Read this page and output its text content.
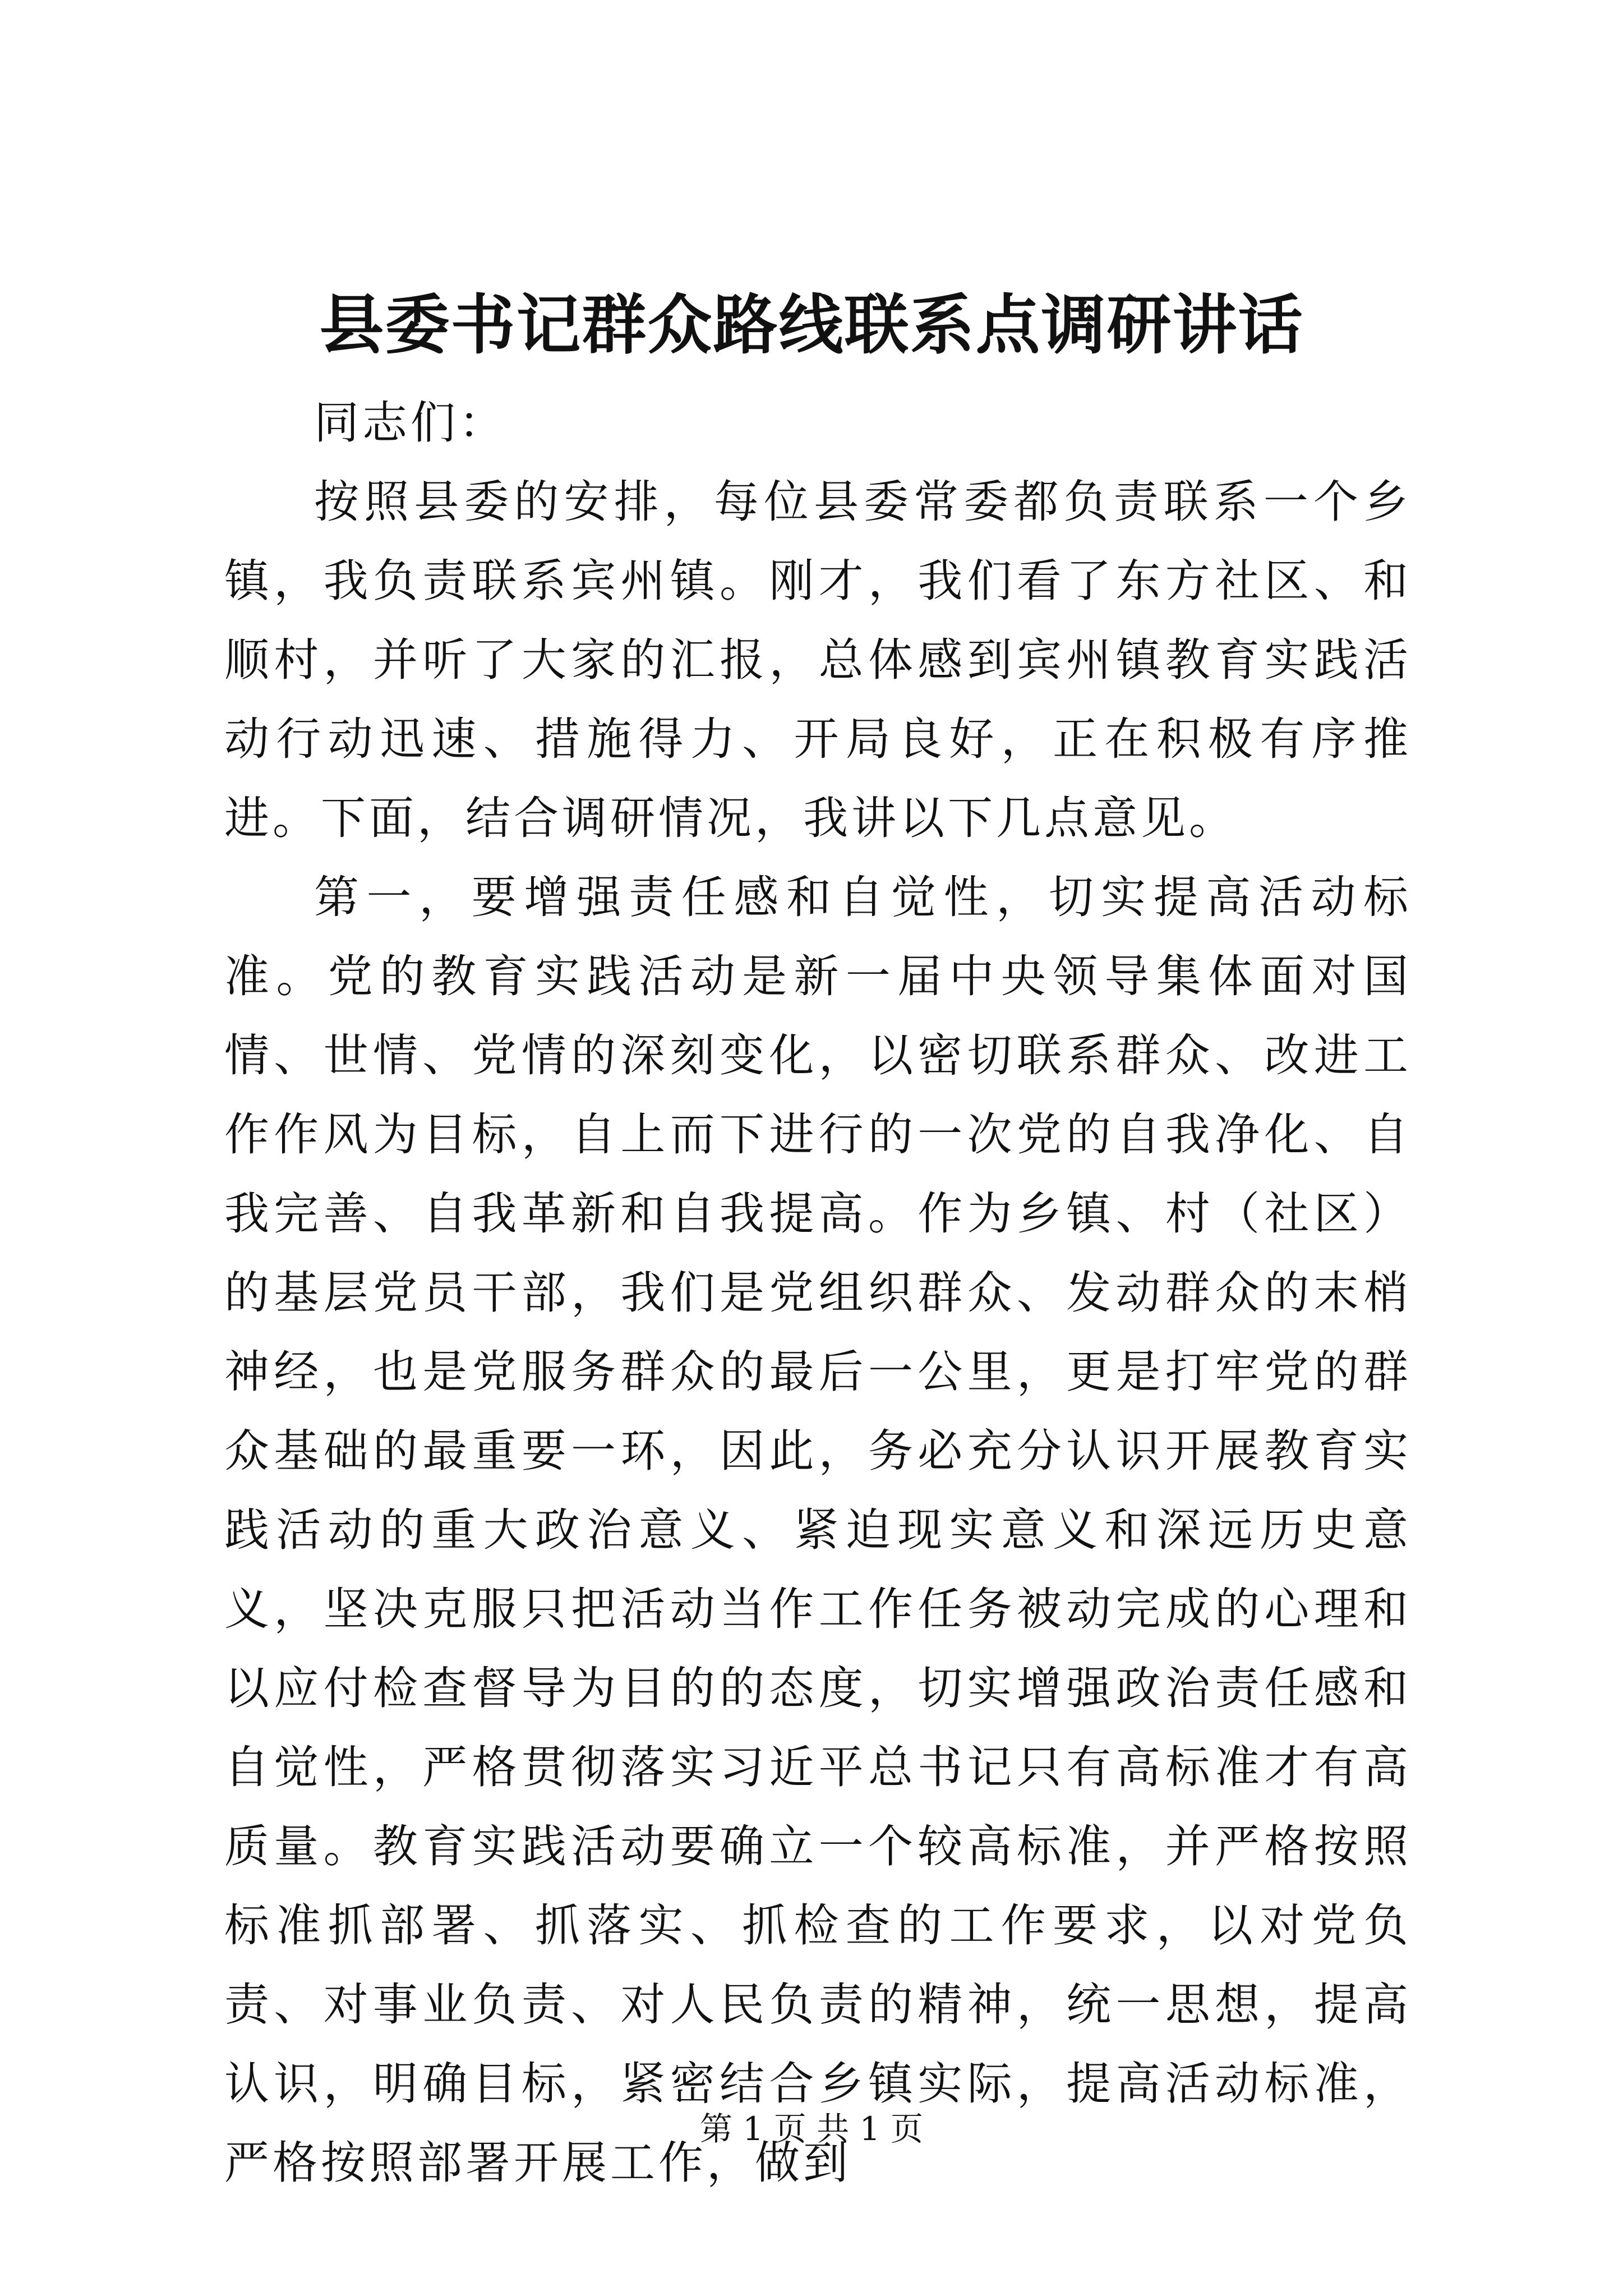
县委书记群众路线联系点调研讲话

同志们：

按照县委的安排，每位县委常委都负责联系一个乡镇，我负责联系宾州镇。刚才，我们看了东方社区、和顺村，并听了大家的汇报，总体感到宾州镇教育实践活动行动迅速、措施得力、开局良好，正在积极有序推进。下面，结合调研情况，我讲以下几点意见。

第一，要增强责任感和自觉性，切实提高活动标准。党的教育实践活动是新一届中央领导集体面对国情、世情、党情的深刻变化，以密切联系群众、改进工作作风为目标，自上而下进行的一次党的自我净化、自我完善、自我革新和自我提高。作为乡镇、村（社区）的基层党员干部，我们是党组织群众、发动群众的末梢神经，也是党服务群众的最后一公里，更是打牢党的群众基础的最重要一环，因此，务必充分认识开展教育实践活动的重大政治意义、紧迫现实意义和深远历史意义，坚决克服只把活动当作工作任务被动完成的心理和以应付检查督导为目的的态度，切实增强政治责任感和自觉性，严格贯彻落实习近平总书记只有高标准才有高质量。教育实践活动要确立一个较高标准，并严格按照标准抓部署、抓落实、抓检查的工作要求，以对党负责、对事业负责、对人民负责的精神，统一思想，提高认识，明确目标，紧密结合乡镇实际，提高活动标准，严格按照部署开展工作，做到

第 1 页 共 1 页
